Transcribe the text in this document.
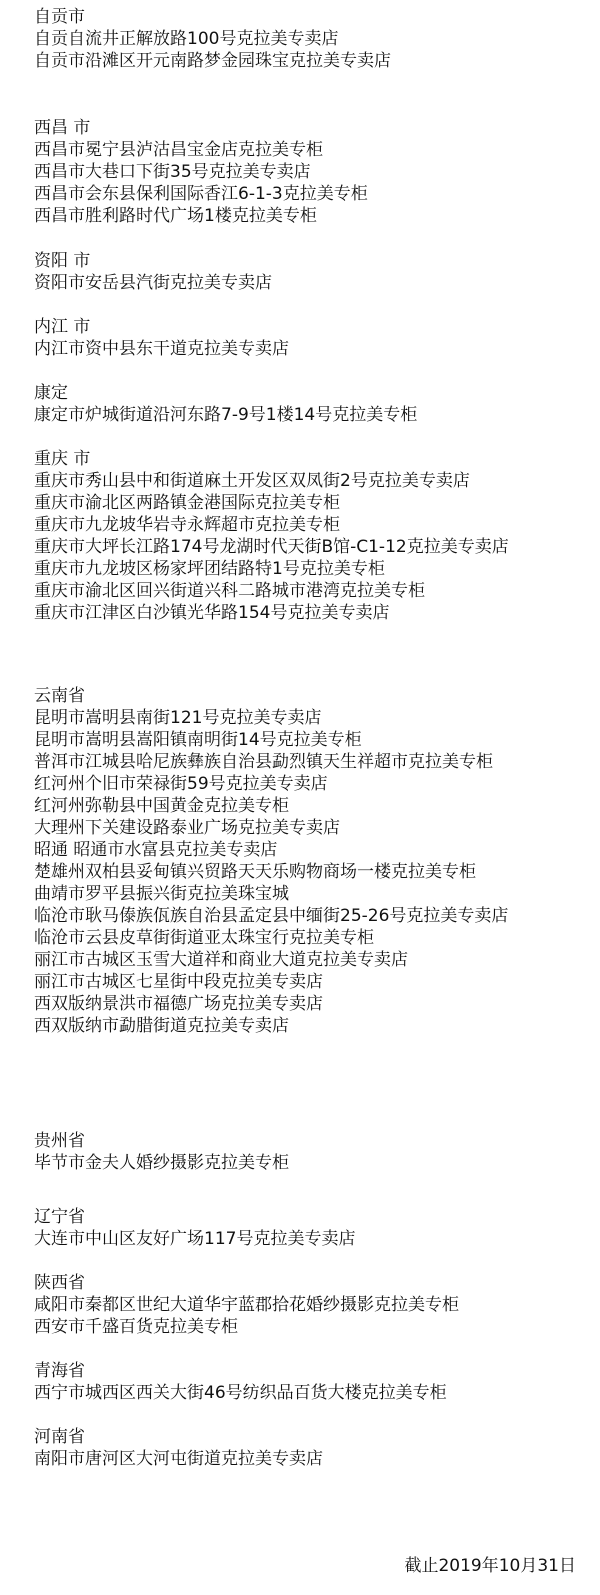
自贡市
自贡自流井正解放路100号克拉美专卖店
自贡市沿滩区开元南路梦金园珠宝克拉美专卖店
西昌 市
西昌市冕宁县泸沽昌宝金店克拉美专柜
西昌市大巷口下街35号克拉美专卖店
西昌市会东县保利国际香江6-1-3克拉美专柜
西昌市胜利路时代广场1楼克拉美专柜
资阳 市
资阳市安岳县汽街克拉美专卖店
内江 市
内江市资中县东干道克拉美专卖店
康定
康定市炉城街道沿河东路7-9号1楼14号克拉美专柜
重庆 市
重庆市秀山县中和街道麻土开发区双凤街2号克拉美专卖店
重庆市渝北区两路镇金港国际克拉美专柜
重庆市九龙坡华岩寺永辉超市克拉美专柜
重庆市大坪长江路174号龙湖时代天街B馆-C1-12克拉美专卖店
重庆市九龙坡区杨家坪团结路特1号克拉美专柜
重庆市渝北区回兴街道兴科二路城市港湾克拉美专柜
重庆市江津区白沙镇光华路154号克拉美专卖店
云南省
昆明市嵩明县南街121号克拉美专卖店
昆明市嵩明县嵩阳镇南明街14号克拉美专柜
普洱市江城县哈尼族彝族自治县勐烈镇天生祥超市克拉美专柜
红河州个旧市荣禄街59号克拉美专卖店
红河州弥勒县中国黄金克拉美专柜
大理州下关建设路泰业广场克拉美专卖店
昭通 昭通市水富县克拉美专卖店
楚雄州双柏县妥甸镇兴贸路天天乐购物商场一楼克拉美专柜
曲靖市罗平县振兴街克拉美珠宝城
临沧市耿马傣族佤族自治县孟定县中缅街25-26号克拉美专卖店
临沧市云县皮草街街道亚太珠宝行克拉美专柜
丽江市古城区玉雪大道祥和商业大道克拉美专卖店
丽江市古城区七星街中段克拉美专卖店
西双版纳景洪市福德广场克拉美专卖店
西双版纳市勐腊街道克拉美专卖店
贵州省
毕节市金夫人婚纱摄影克拉美专柜
辽宁省
大连市中山区友好广场117号克拉美专卖店
陕西省
咸阳市秦都区世纪大道华宇蓝郡拾花婚纱摄影克拉美专柜
西安市千盛百货克拉美专柜
青海省
西宁市城西区西关大街46号纺织品百货大楼克拉美专柜
河南省
南阳市唐河区大河屯街道克拉美专卖店
截止2019年10月31日
